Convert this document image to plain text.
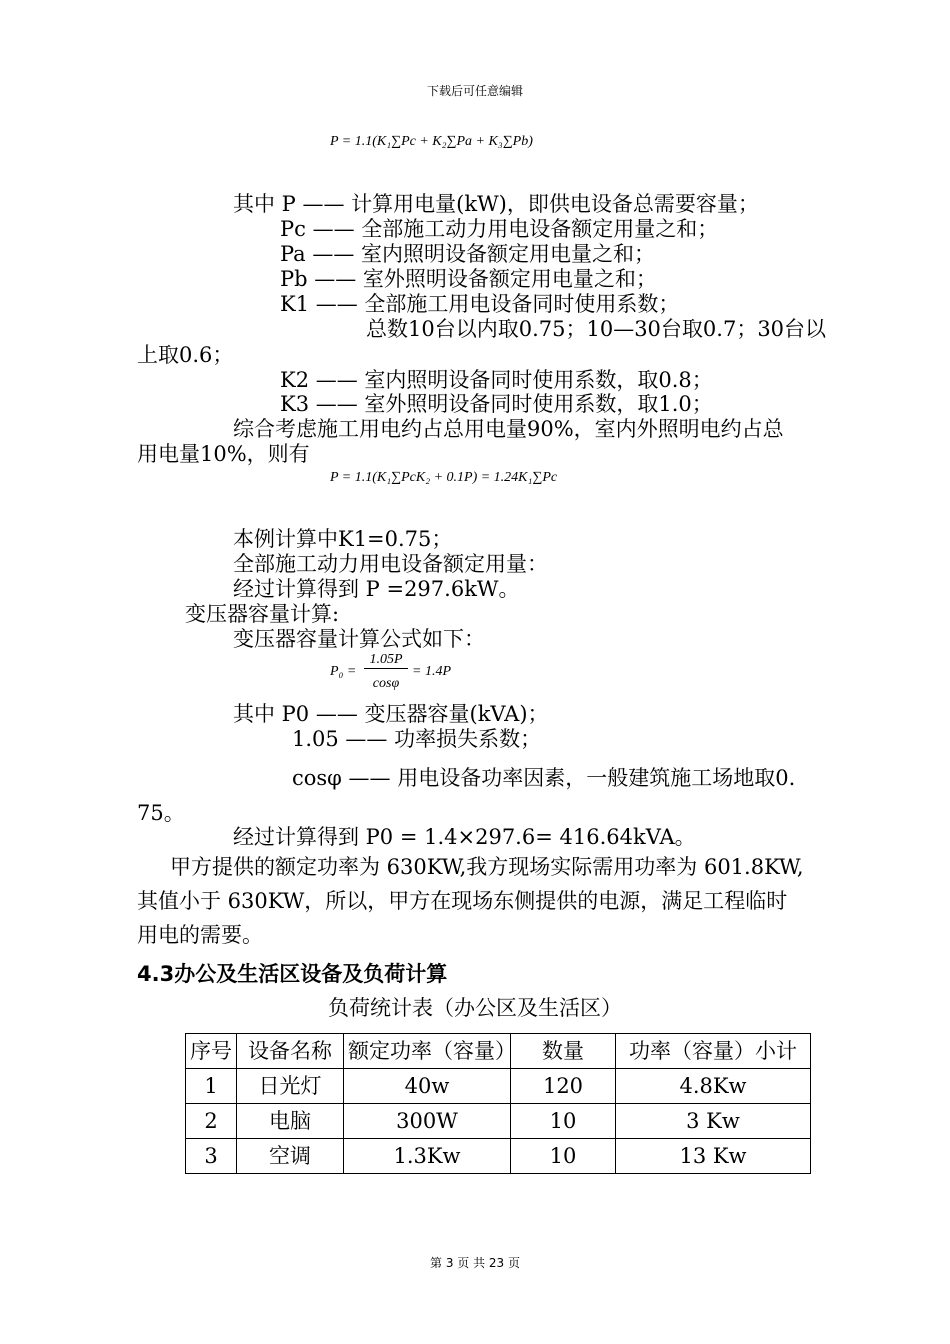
下载后可任意编辑
P = 1.1(K₁∑Pc + K₂∑Pa + K₃∑Pb)
其中 P —— 计算用电量(kW)，即供电设备总需要容量；
Pc —— 全部施工动力用电设备额定用量之和；
Pa —— 室内照明设备额定用电量之和；
Pb —— 室外照明设备额定用电量之和；
K1 —— 全部施工用电设备同时使用系数；
总数10台以内取0.75；10—30台取0.7；30台以
上取0.6；
K2 —— 室内照明设备同时使用系数，取0.8；
K3 —— 室外照明设备同时使用系数，取1.0；
综合考虑施工用电约占总用电量90%，室内外照明电约占总
用电量10%，则有
P = 1.1(K₁∑PcK₂ + 0.1P) = 1.24K₁∑Pc
本例计算中K1=0.75；
全部施工动力用电设备额定用量：
经过计算得到 P =297.6kW。
变压器容量计算:
变压器容量计算公式如下：
P₀ =
1.05P
cosφ
= 1.4P
其中 P0 —— 变压器容量(kVA)；
1.05 —— 功率损失系数；
cosφ —— 用电设备功率因素，一般建筑施工场地取0.
75。
经过计算得到 P0 = 1.4×297.6= 416.64kVA。
甲方提供的额定功率为 630KW,我方现场实际需用功率为 601.8KW,
其值小于 630KW，所以，甲方在现场东侧提供的电源，满足工程临时
用电的需要。
4.3办公及生活区设备及负荷计算
负荷统计表（办公区及生活区）
序号	设备名称	额定功率（容量）	数量	功率（容量）小计
1	日光灯	40w	120	4.8Kw
2	电脑	300W	10	3 Kw
3	空调	1.3Kw	10	13 Kw
第 3 页 共 23 页
